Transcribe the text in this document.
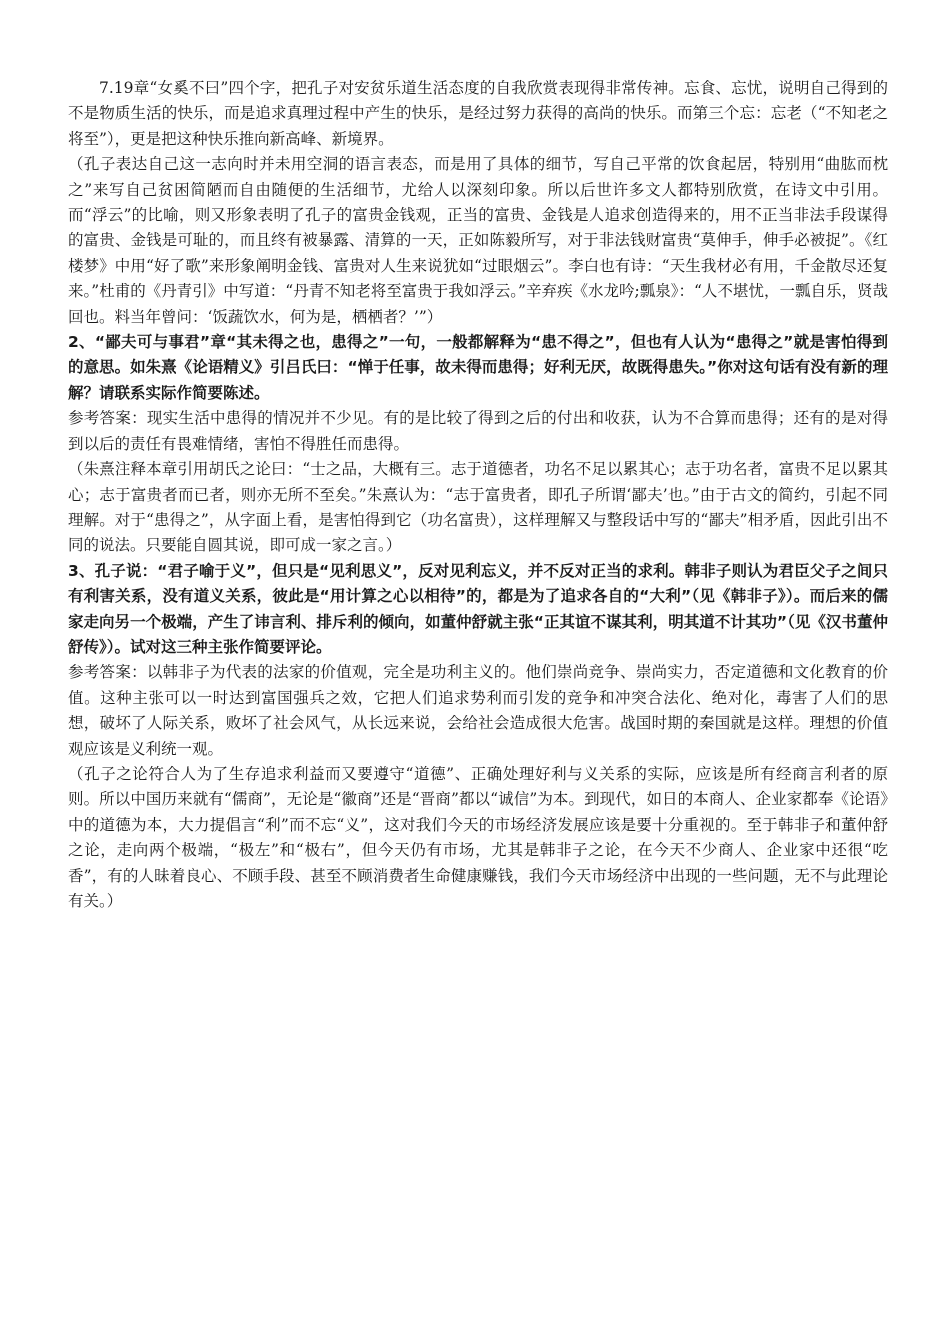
7.19章“女奚不曰”四个字，把孔子对安贫乐道生活态度的自我欣赏表现得非常传神。忘食、忘忧，说明自己得到的不是物质生活的快乐，而是追求真理过程中产生的快乐，是经过努力获得的高尚的快乐。而第三个忘：忘老（“不知老之将至”），更是把这种快乐推向新高峰、新境界。

（孔子表达自己这一志向时并未用空洞的语言表态，而是用了具体的细节，写自己平常的饮食起居，特别用“曲肱而枕之”来写自己贫困简陋而自由随便的生活细节，尤给人以深刻印象。所以后世许多文人都特别欣赏，在诗文中引用。而“浮云”的比喻，则又形象表明了孔子的富贵金钱观，正当的富贵、金钱是人追求创造得来的，用不正当非法手段谋得的富贵、金钱是可耻的，而且终有被暴露、清算的一天，正如陈毅所写，对于非法钱财富贵“莫伸手，伸手必被捉”。《红楼梦》中用“好了歌”来形象阐明金钱、富贵对人生来说犹如“过眼烟云”。李白也有诗：“天生我材必有用，千金散尽还复来。”杜甫的《丹青引》中写道：“丹青不知老将至富贵于我如浮云。”辛弃疾《水龙吟;瓢泉》：“人不堪忧，一瓢自乐，贤哉回也。料当年曾问：‘饭蔬饮水，何为是，栖栖者？’”）

2、“鄙夫可与事君”章“其未得之也，患得之”一句，一般都解释为“患不得之”，但也有人认为“患得之”就是害怕得到的意思。如朱熹《论语精义》引吕氏曰：“惮于任事，故未得而患得；好利无厌，故既得患失。”你对这句话有没有新的理解？请联系实际作简要陈述。

参考答案：现实生活中患得的情况并不少见。有的是比较了得到之后的付出和收获，认为不合算而患得；还有的是对得到以后的责任有畏难情绪，害怕不得胜任而患得。

（朱熹注释本章引用胡氏之论曰：“士之品，大概有三。志于道德者，功名不足以累其心；志于功名者，富贵不足以累其心；志于富贵者而已者，则亦无所不至矣。”朱熹认为：“志于富贵者，即孔子所谓‘鄙夫’也。”由于古文的简约，引起不同理解。对于“患得之”，从字面上看，是害怕得到它（功名富贵），这样理解又与整段话中写的“鄙夫”相矛盾，因此引出不同的说法。只要能自圆其说，即可成一家之言。）

3、孔子说：“君子喻于义”，但只是“见利思义”，反对见利忘义，并不反对正当的求利。韩非子则认为君臣父子之间只有利害关系，没有道义关系，彼此是“用计算之心以相待”的，都是为了追求各自的“大利”（见《韩非子》）。而后来的儒家走向另一个极端，产生了讳言利、排斥利的倾向，如董仲舒就主张“正其谊不谋其利，明其道不计其功”（见《汉书董仲舒传》）。试对这三种主张作简要评论。

参考答案：以韩非子为代表的法家的价值观，完全是功利主义的。他们崇尚竞争、崇尚实力，否定道德和文化教育的价值。这种主张可以一时达到富国强兵之效，它把人们追求势利而引发的竞争和冲突合法化、绝对化，毒害了人们的思想，破坏了人际关系，败坏了社会风气，从长远来说，会给社会造成很大危害。战国时期的秦国就是这样。理想的价值观应该是义利统一观。

（孔子之论符合人为了生存追求利益而又要遵守“道德”、正确处理好利与义关系的实际，应该是所有经商言利者的原则。所以中国历来就有“儒商”，无论是“徽商”还是“晋商”都以“诚信”为本。到现代，如日的本商人、企业家都奉《论语》中的道德为本，大力提倡言“利”而不忘“义”，这对我们今天的市场经济发展应该是要十分重视的。至于韩非子和董仲舒之论，走向两个极端，“极左”和“极右”，但今天仍有市场，尤其是韩非子之论，在今天不少商人、企业家中还很“吃香”，有的人昧着良心、不顾手段、甚至不顾消费者生命健康赚钱，我们今天市场经济中出现的一些问题，无不与此理论有关。）
